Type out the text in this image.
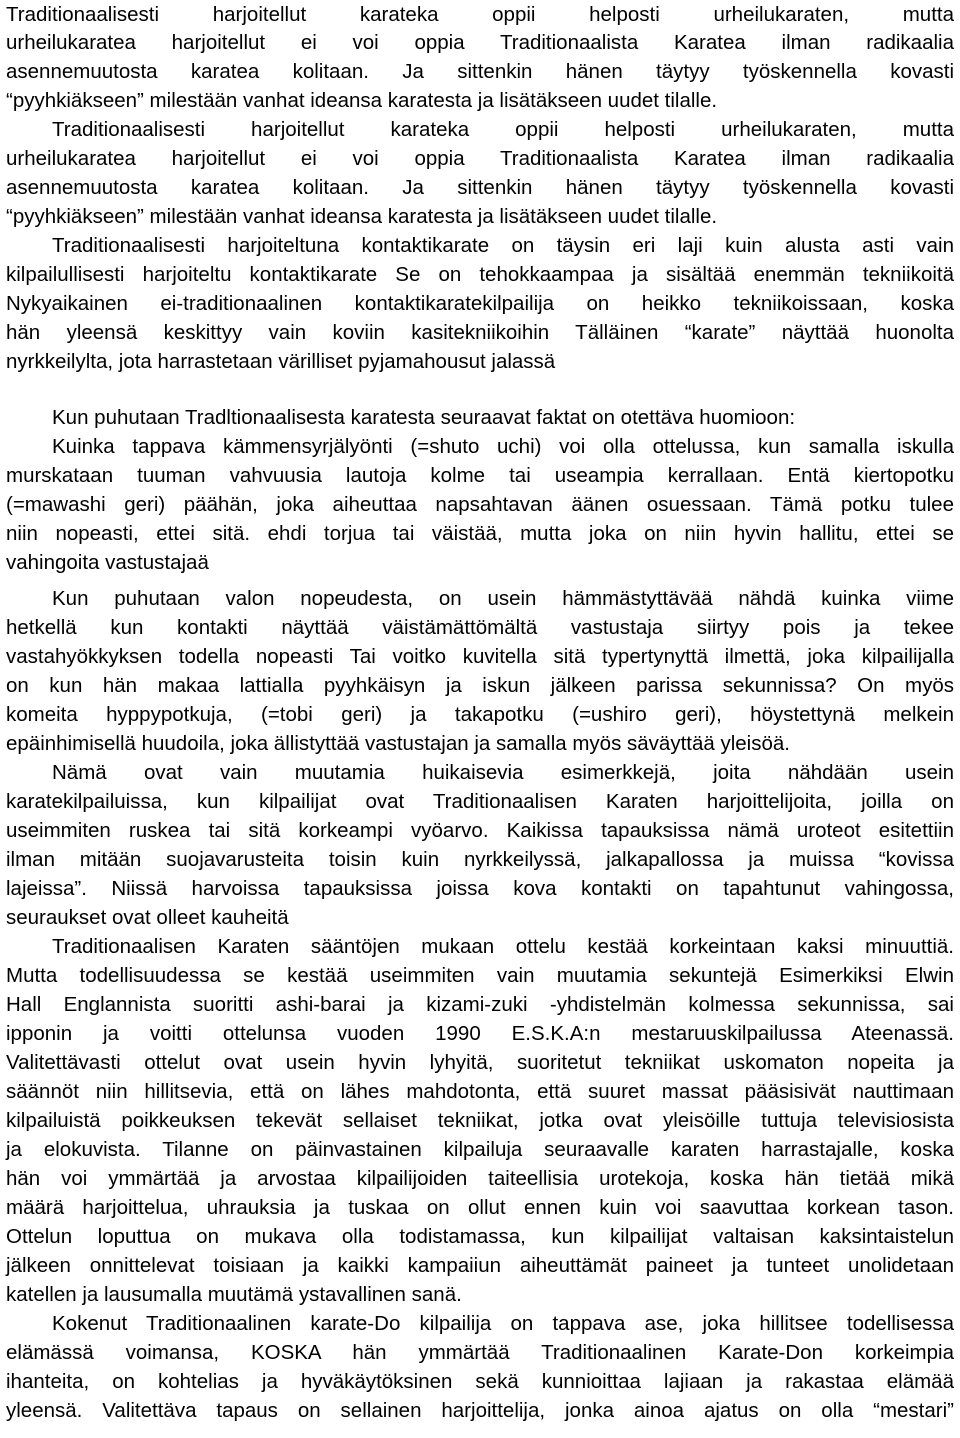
Traditionaalisesti harjoitellut karateka oppii helposti urheilukaraten, mutta
urheilukaratea harjoitellut ei voi oppia Traditionaalista Karatea ilman radikaalia
asennemuutosta karatea kolitaan. Ja sittenkin hänen täytyy työskennella kovasti
“pyyhkiäkseen” milestään vanhat ideansa karatesta ja lisätäkseen uudet tilalle.
Traditionaalisesti harjoitellut karateka oppii helposti urheilukaraten, mutta
urheilukaratea harjoitellut ei voi oppia Traditionaalista Karatea ilman radikaalia
asennemuutosta karatea kolitaan. Ja sittenkin hänen täytyy työskennella kovasti
“pyyhkiäkseen” milestään vanhat ideansa karatesta ja lisätäkseen uudet tilalle.
Traditionaalisesti harjoiteltuna kontaktikarate on täysin eri laji kuin alusta asti vain
kilpailullisesti harjoiteltu kontaktikarate Se on tehokkaampaa ja sisältää enemmän tekniikoitä
Nykyaikainen ei-traditionaalinen kontaktikaratekilpailija on heikko tekniikoissaan, koska
hän yleensä keskittyy vain koviin kasitekniikoihin Tälläinen “karate” näyttää huonolta
nyrkkeilylta, jota harrastetaan värilliset pyjamahousut jalassä
Kun puhutaan Tradltionaalisesta karatesta seuraavat faktat on otettäva huomioon:
Kuinka tappava kämmensyrjälyönti (=shuto uchi) voi olla ottelussa, kun samalla iskulla
murskataan tuuman vahvuusia lautoja kolme tai useampia kerrallaan. Entä kiertopotku
(=mawashi geri) päähän, joka aiheuttaa napsahtavan äänen osuessaan. Tämä potku tulee
niin nopeasti, ettei sitä. ehdi torjua tai väistää, mutta joka on niin hyvin hallitu, ettei se
vahingoita vastustajaä
Kun puhutaan valon nopeudesta, on usein hämmästyttävää nähdä kuinka viime
hetkellä kun kontakti näyttää väistämättömältä vastustaja siirtyy pois ja tekee
vastahyökkyksen todella nopeasti Tai voitko kuvitella sitä typertynyttä ilmettä, joka kilpailijalla
on kun hän makaa lattialla pyyhkäisyn ja iskun jälkeen parissa sekunnissa? On myös
komeita hyppypotkuja, (=tobi geri) ja takapotku (=ushiro geri), höystettynä melkein
epäinhimisellä huudoila, joka ällistyttää vastustajan ja samalla myös säväyttää yleisöä.
Nämä ovat vain muutamia huikaisevia esimerkkejä, joita nähdään usein
karatekilpailuissa, kun kilpailijat ovat Traditionaalisen Karaten harjoittelijoita, joilla on
useimmiten ruskea tai sitä korkeampi vyöarvo. Kaikissa tapauksissa nämä uroteot esitettiin
ilman mitään suojavarusteita toisin kuin nyrkkeilyssä, jalkapallossa ja muissa “kovissa
lajeissa”. Niissä harvoissa tapauksissa joissa kova kontakti on tapahtunut vahingossa,
seuraukset ovat olleet kauheitä
Traditionaalisen Karaten sääntöjen mukaan ottelu kestää korkeintaan kaksi minuuttiä.
Mutta todellisuudessa se kestää useimmiten vain muutamia sekuntejä Esimerkiksi Elwin
Hall Englannista suoritti ashi-barai ja kizami-zuki -yhdistelmän kolmessa sekunnissa, sai
ipponin ja voitti ottelunsa vuoden 1990 E.S.K.A:n mestaruuskilpailussa Ateenassä.
Valitettävasti ottelut ovat usein hyvin lyhyitä, suoritetut tekniikat uskomaton nopeita ja
säännöt niin hillitsevia, että on lähes mahdotonta, että suuret massat pääsisivät nauttimaan
kilpailuistä poikkeuksen tekevät sellaiset tekniikat, jotka ovat yleisöille tuttuja televisiosista
ja elokuvista. Tilanne on päinvastainen kilpailuja seuraavalle karaten harrastajalle, koska
hän voi ymmärtää ja arvostaa kilpailijoiden taiteellisia urotekoja, koska hän tietää mikä
määrä harjoittelua, uhrauksia ja tuskaa on ollut ennen kuin voi saavuttaa korkean tason.
Ottelun loputtua on mukava olla todistamassa, kun kilpailijat valtaisan kaksintaistelun
jälkeen onnittelevat toisiaan ja kaikki kampaiiun aiheuttämät paineet ja tunteet unolidetaan
katellen ja lausumalla muutämä ystavallinen sanä.
Kokenut Traditionaalinen karate-Do kilpailija on tappava ase, joka hillitsee todellisessa
elämässä voimansa, KOSKA hän ymmärtää Traditionaalinen Karate-Don korkeimpia
ihanteita, on kohtelias ja hyväkäytöksinen sekä kunnioittaa lajiaan ja rakastaa elämää
yleensä. Valitettäva tapaus on sellainen harjoittelija, jonka ainoa ajatus on olla “mestari”
